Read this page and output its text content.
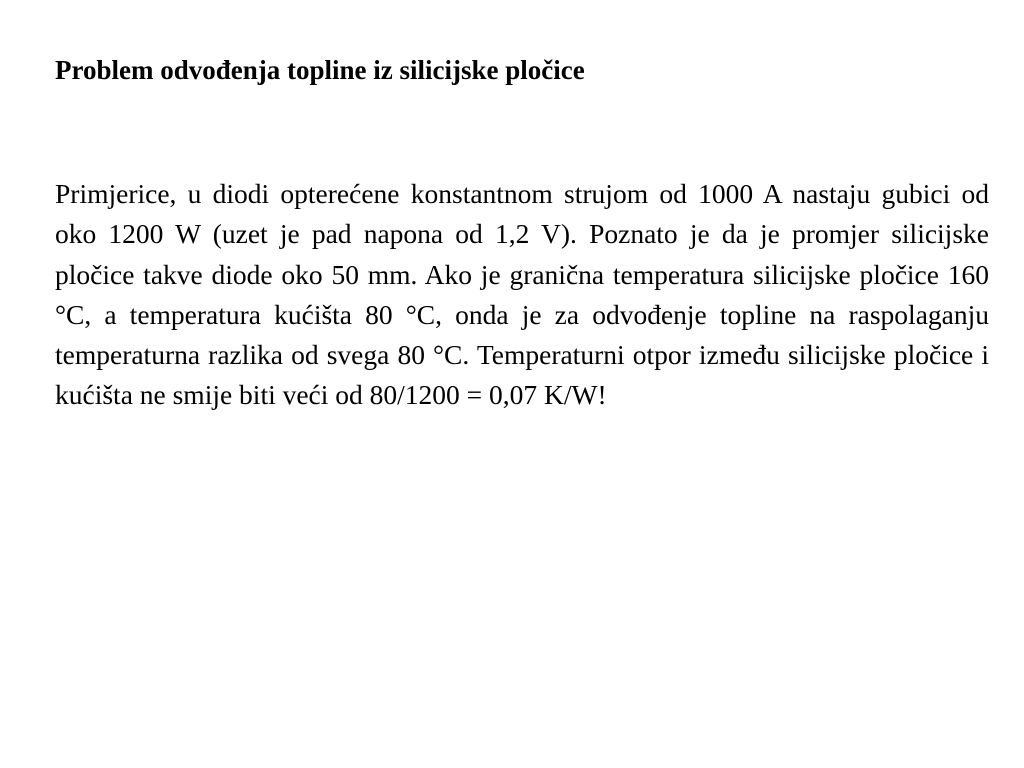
Problem odvođenja topline iz silicijske pločice

Primjerice, u diodi opterećene konstantnom strujom od 1000 A nastaju gubici od oko 1200 W (uzet je pad napona od 1,2 V). Poznato je da je promjer silicijske pločice takve diode oko 50 mm. Ako je granična temperatura silicijske pločice 160 °C, a temperatura kućišta 80 °C, onda je za odvođenje topline na raspolaganju temperaturna razlika od svega 80 °C. Temperaturni otpor između silicijske pločice i kućišta ne smije biti veći od 80/1200 = 0,07 K/W!
